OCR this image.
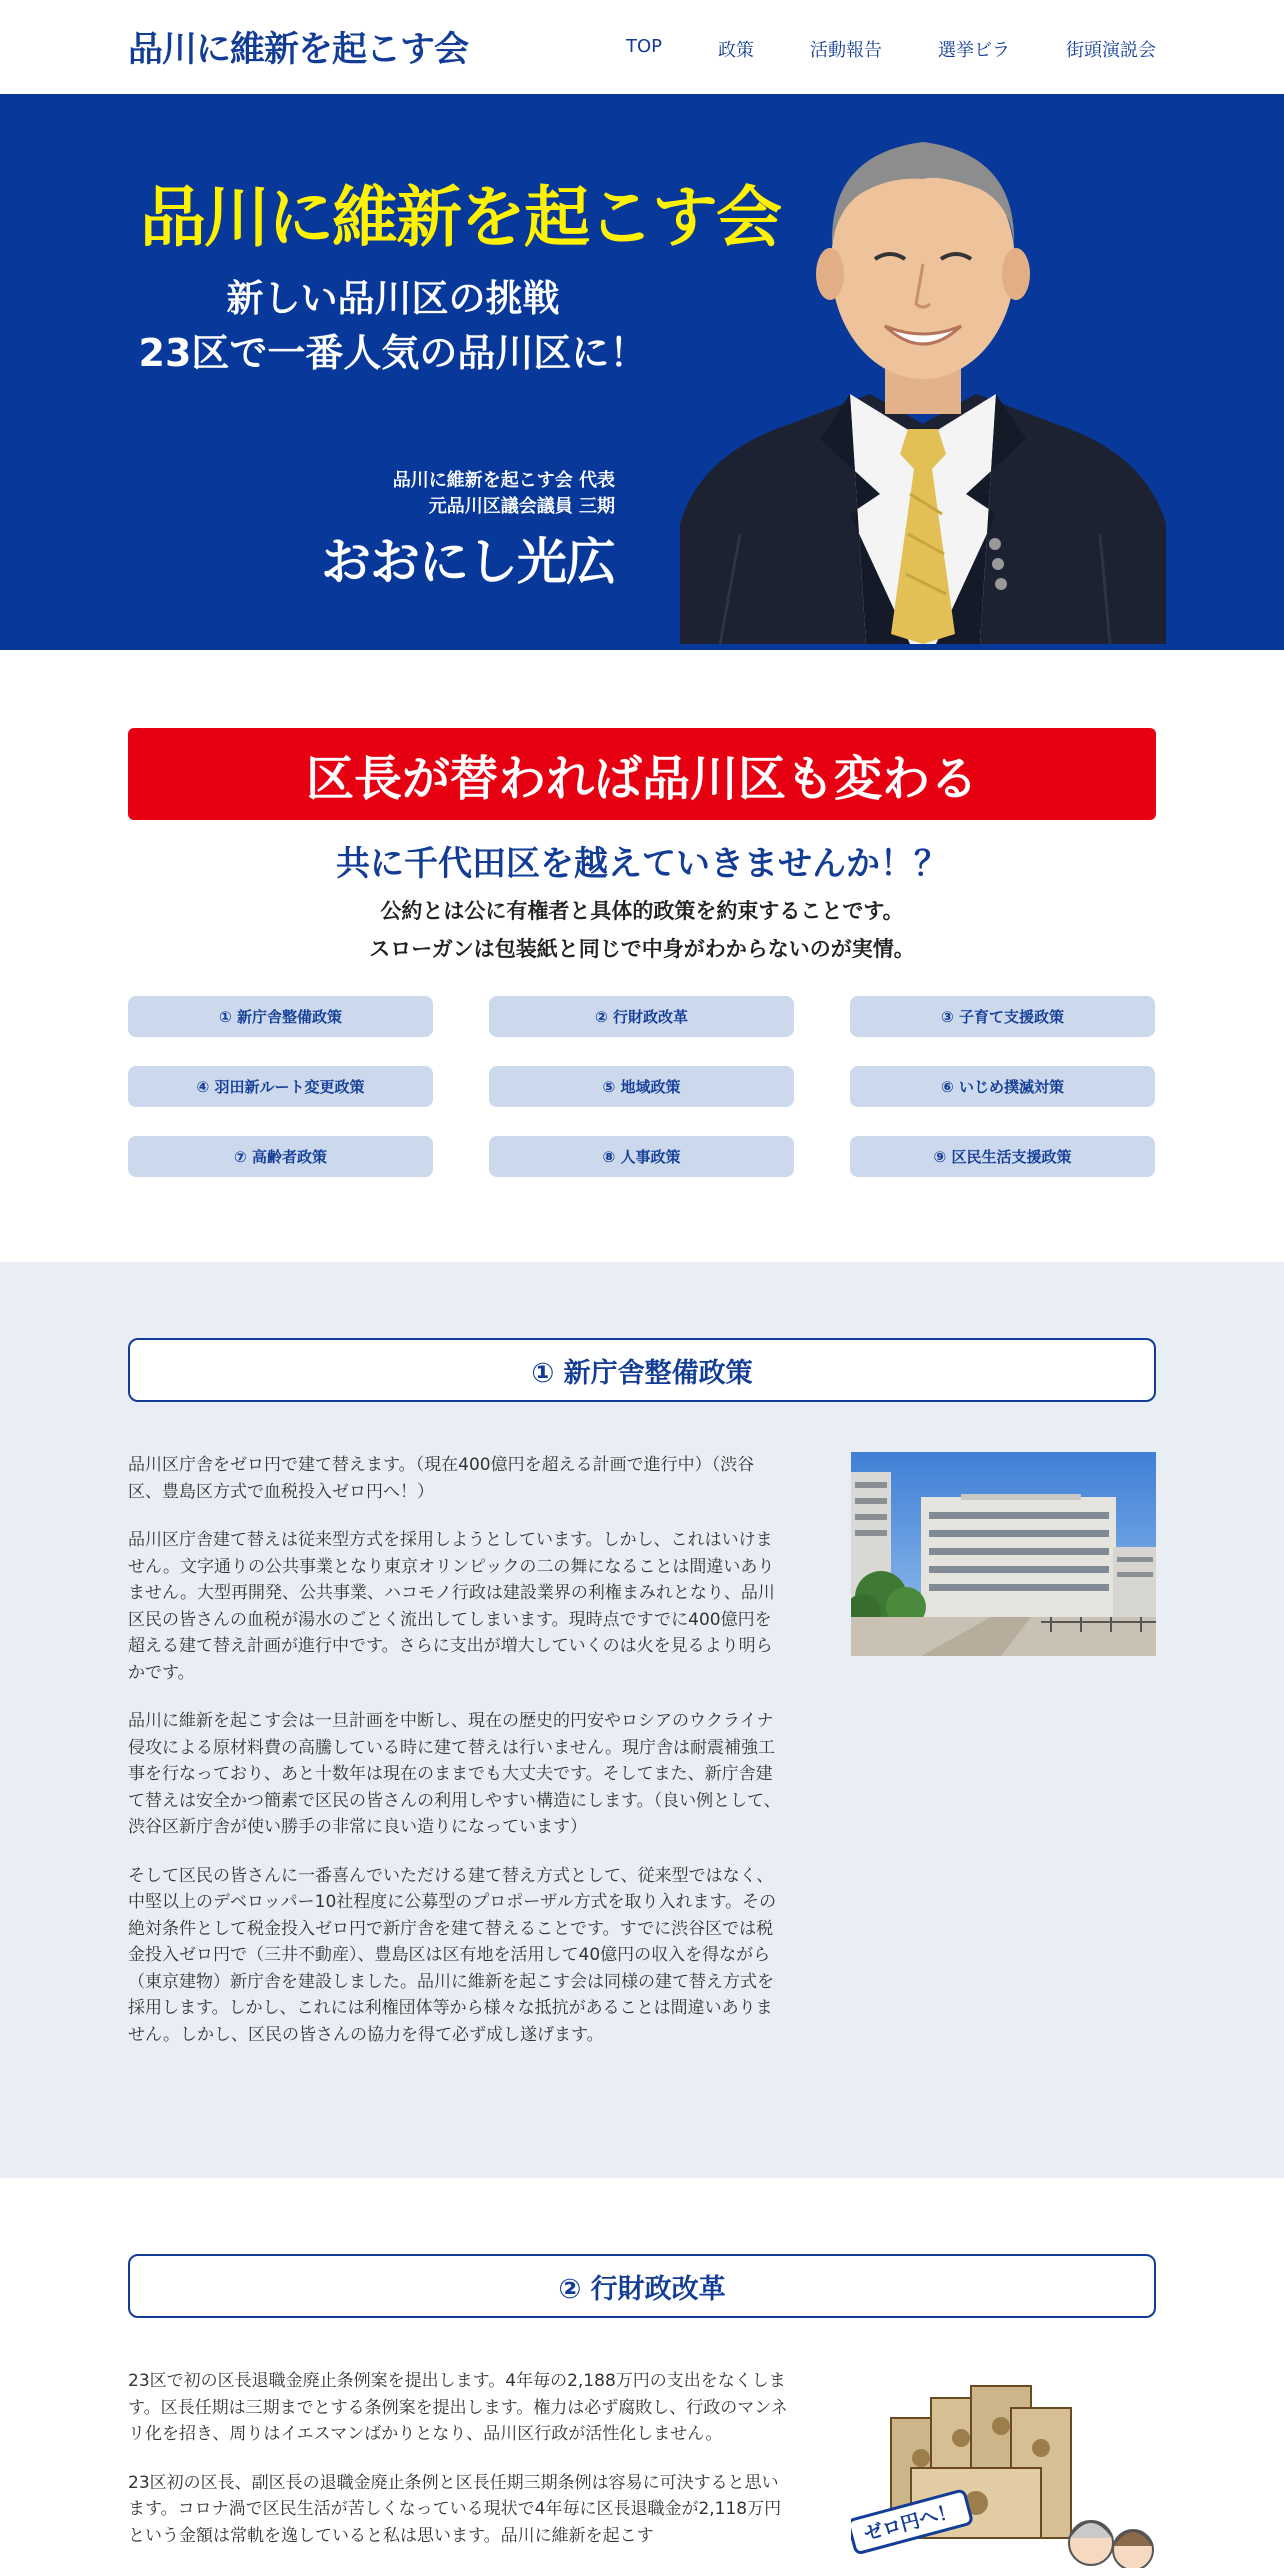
品川に維新を起こす会	TOP	政策	活動報告	選挙ビラ	街頭演説会
品川に維新を起こす会
新しい品川区の挑戦
23区で一番人気の品川区に！
品川に維新を起こす会 代表
元品川区議会議員 三期
おおにし光広
区長が替われば品川区も変わる
共に千代田区を越えていきませんか！？
公約とは公に有権者と具体的政策を約束することです。
スローガンは包装紙と同じで中身がわからないのが実情。
① 新庁舎整備政策	② 行財政改革	③ 子育て支援政策
④ 羽田新ルート変更政策	⑤ 地域政策	⑥ いじめ撲滅対策
⑦ 高齢者政策	⑧ 人事政策	⑨ 区民生活支援政策
① 新庁舎整備政策

品川区庁舎をゼロ円で建て替えます。（現在400億円を超える計画で進行中）（渋谷区、豊島区方式で血税投入ゼロ円へ！）

品川区庁舎建て替えは従来型方式を採用しようとしています。しかし、これはいけません。文字通りの公共事業となり東京オリンピックの二の舞になることは間違いありません。大型再開発、公共事業、ハコモノ行政は建設業界の利権まみれとなり、品川区民の皆さんの血税が湯水のごとく流出してしまいます。現時点ですでに400億円を超える建て替え計画が進行中です。さらに支出が増大していくのは火を見るより明らかです。

品川に維新を起こす会は一旦計画を中断し、現在の歴史的円安やロシアのウクライナ侵攻による原材料費の高騰している時に建て替えは行いません。現庁舎は耐震補強工事を行なっており、あと十数年は現在のままでも大丈夫です。そしてまた、新庁舎建て替えは安全かつ簡素で区民の皆さんの利用しやすい構造にします。（良い例として、渋谷区新庁舎が使い勝手の非常に良い造りになっています）

そして区民の皆さんに一番喜んでいただける建て替え方式として、従来型ではなく、中堅以上のデベロッパー10社程度に公募型のプロポーザル方式を取り入れます。その絶対条件として税金投入ゼロ円で新庁舎を建て替えることです。すでに渋谷区では税金投入ゼロ円で（三井不動産）、豊島区は区有地を活用して40億円の収入を得ながら（東京建物）新庁舎を建設しました。品川に維新を起こす会は同様の建て替え方式を採用します。しかし、これには利権団体等から様々な抵抗があることは間違いありません。しかし、区民の皆さんの協力を得て必ず成し遂げます。

② 行財政改革

23区で初の区長退職金廃止条例案を提出します。4年毎の2,188万円の支出をなくします。区長任期は三期までとする条例案を提出します。権力は必ず腐敗し、行政のマンネリ化を招き、周りはイエスマンばかりとなり、品川区行政が活性化しません。

23区初の区長、副区長の退職金廃止条例と区長任期三期条例は容易に可決すると思います。コロナ渦で区民生活が苦しくなっている現状で4年毎に区長退職金が2,118万円という金額は常軌を逸していると私は思います。品川に維新を起こす	ゼロ円へ！
